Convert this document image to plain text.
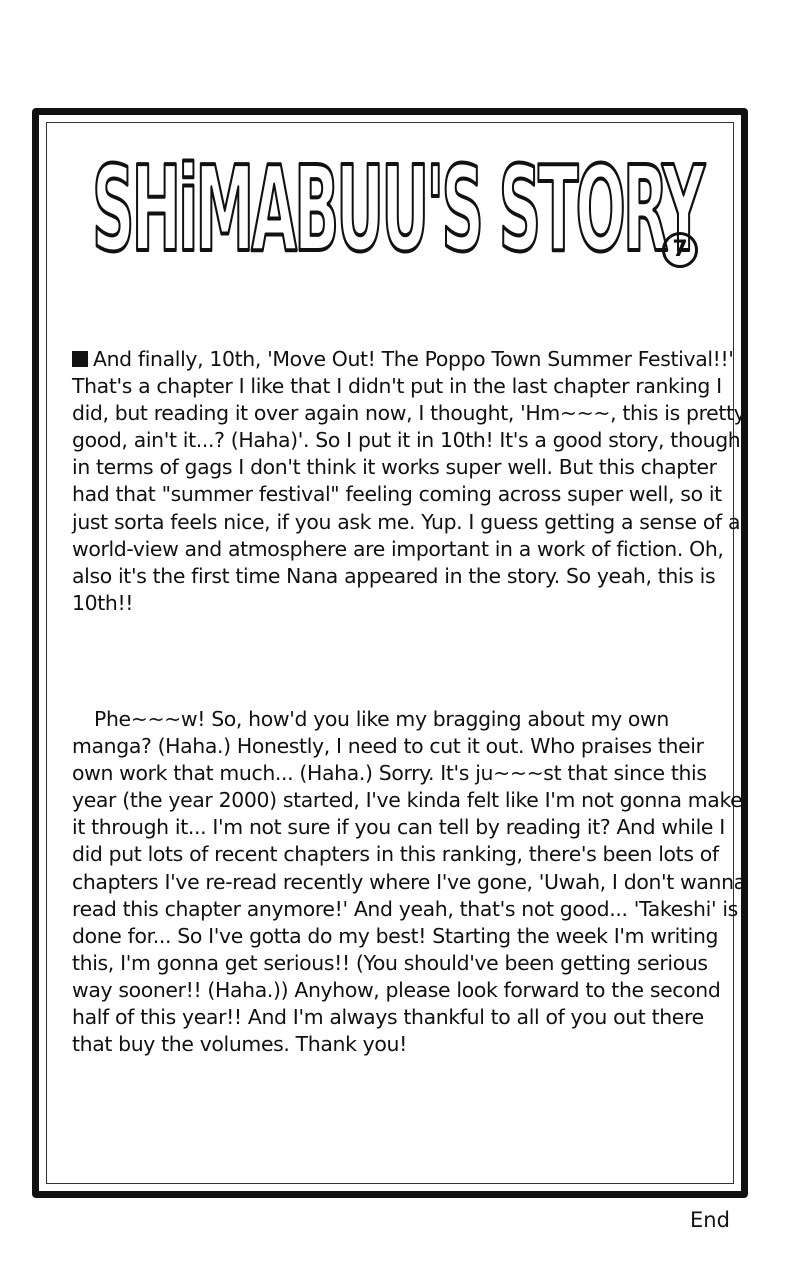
SHiMABUU'S STORY
7

And finally, 10th, 'Move Out! The Poppo Town Summer Festival!!' That's a chapter I like that I didn't put in the last chapter ranking I did, but reading it over again now, I thought, 'Hm~~~, this is pretty good, ain't it...? (Haha)'. So I put it in 10th! It's a good story, though in terms of gags I don't think it works super well. But this chapter had that "summer festival" feeling coming across super well, so it just sorta feels nice, if you ask me. Yup. I guess getting a sense of a world-view and atmosphere are important in a work of fiction. Oh, also it's the first time Nana appeared in the story. So yeah, this is 10th!!

Phe~~~w! So, how'd you like my bragging about my own manga? (Haha.) Honestly, I need to cut it out. Who praises their own work that much... (Haha.) Sorry. It's ju~~~st that since this year (the year 2000) started, I've kinda felt like I'm not gonna make it through it... I'm not sure if you can tell by reading it? And while I did put lots of recent chapters in this ranking, there's been lots of chapters I've re-read recently where I've gone, 'Uwah, I don't wanna read this chapter anymore!' And yeah, that's not good... 'Takeshi' is done for... So I've gotta do my best! Starting the week I'm writing this, I'm gonna get serious!! (You should've been getting serious way sooner!! (Haha.)) Anyhow, please look forward to the second half of this year!! And I'm always thankful to all of you out there that buy the volumes. Thank you!

End
